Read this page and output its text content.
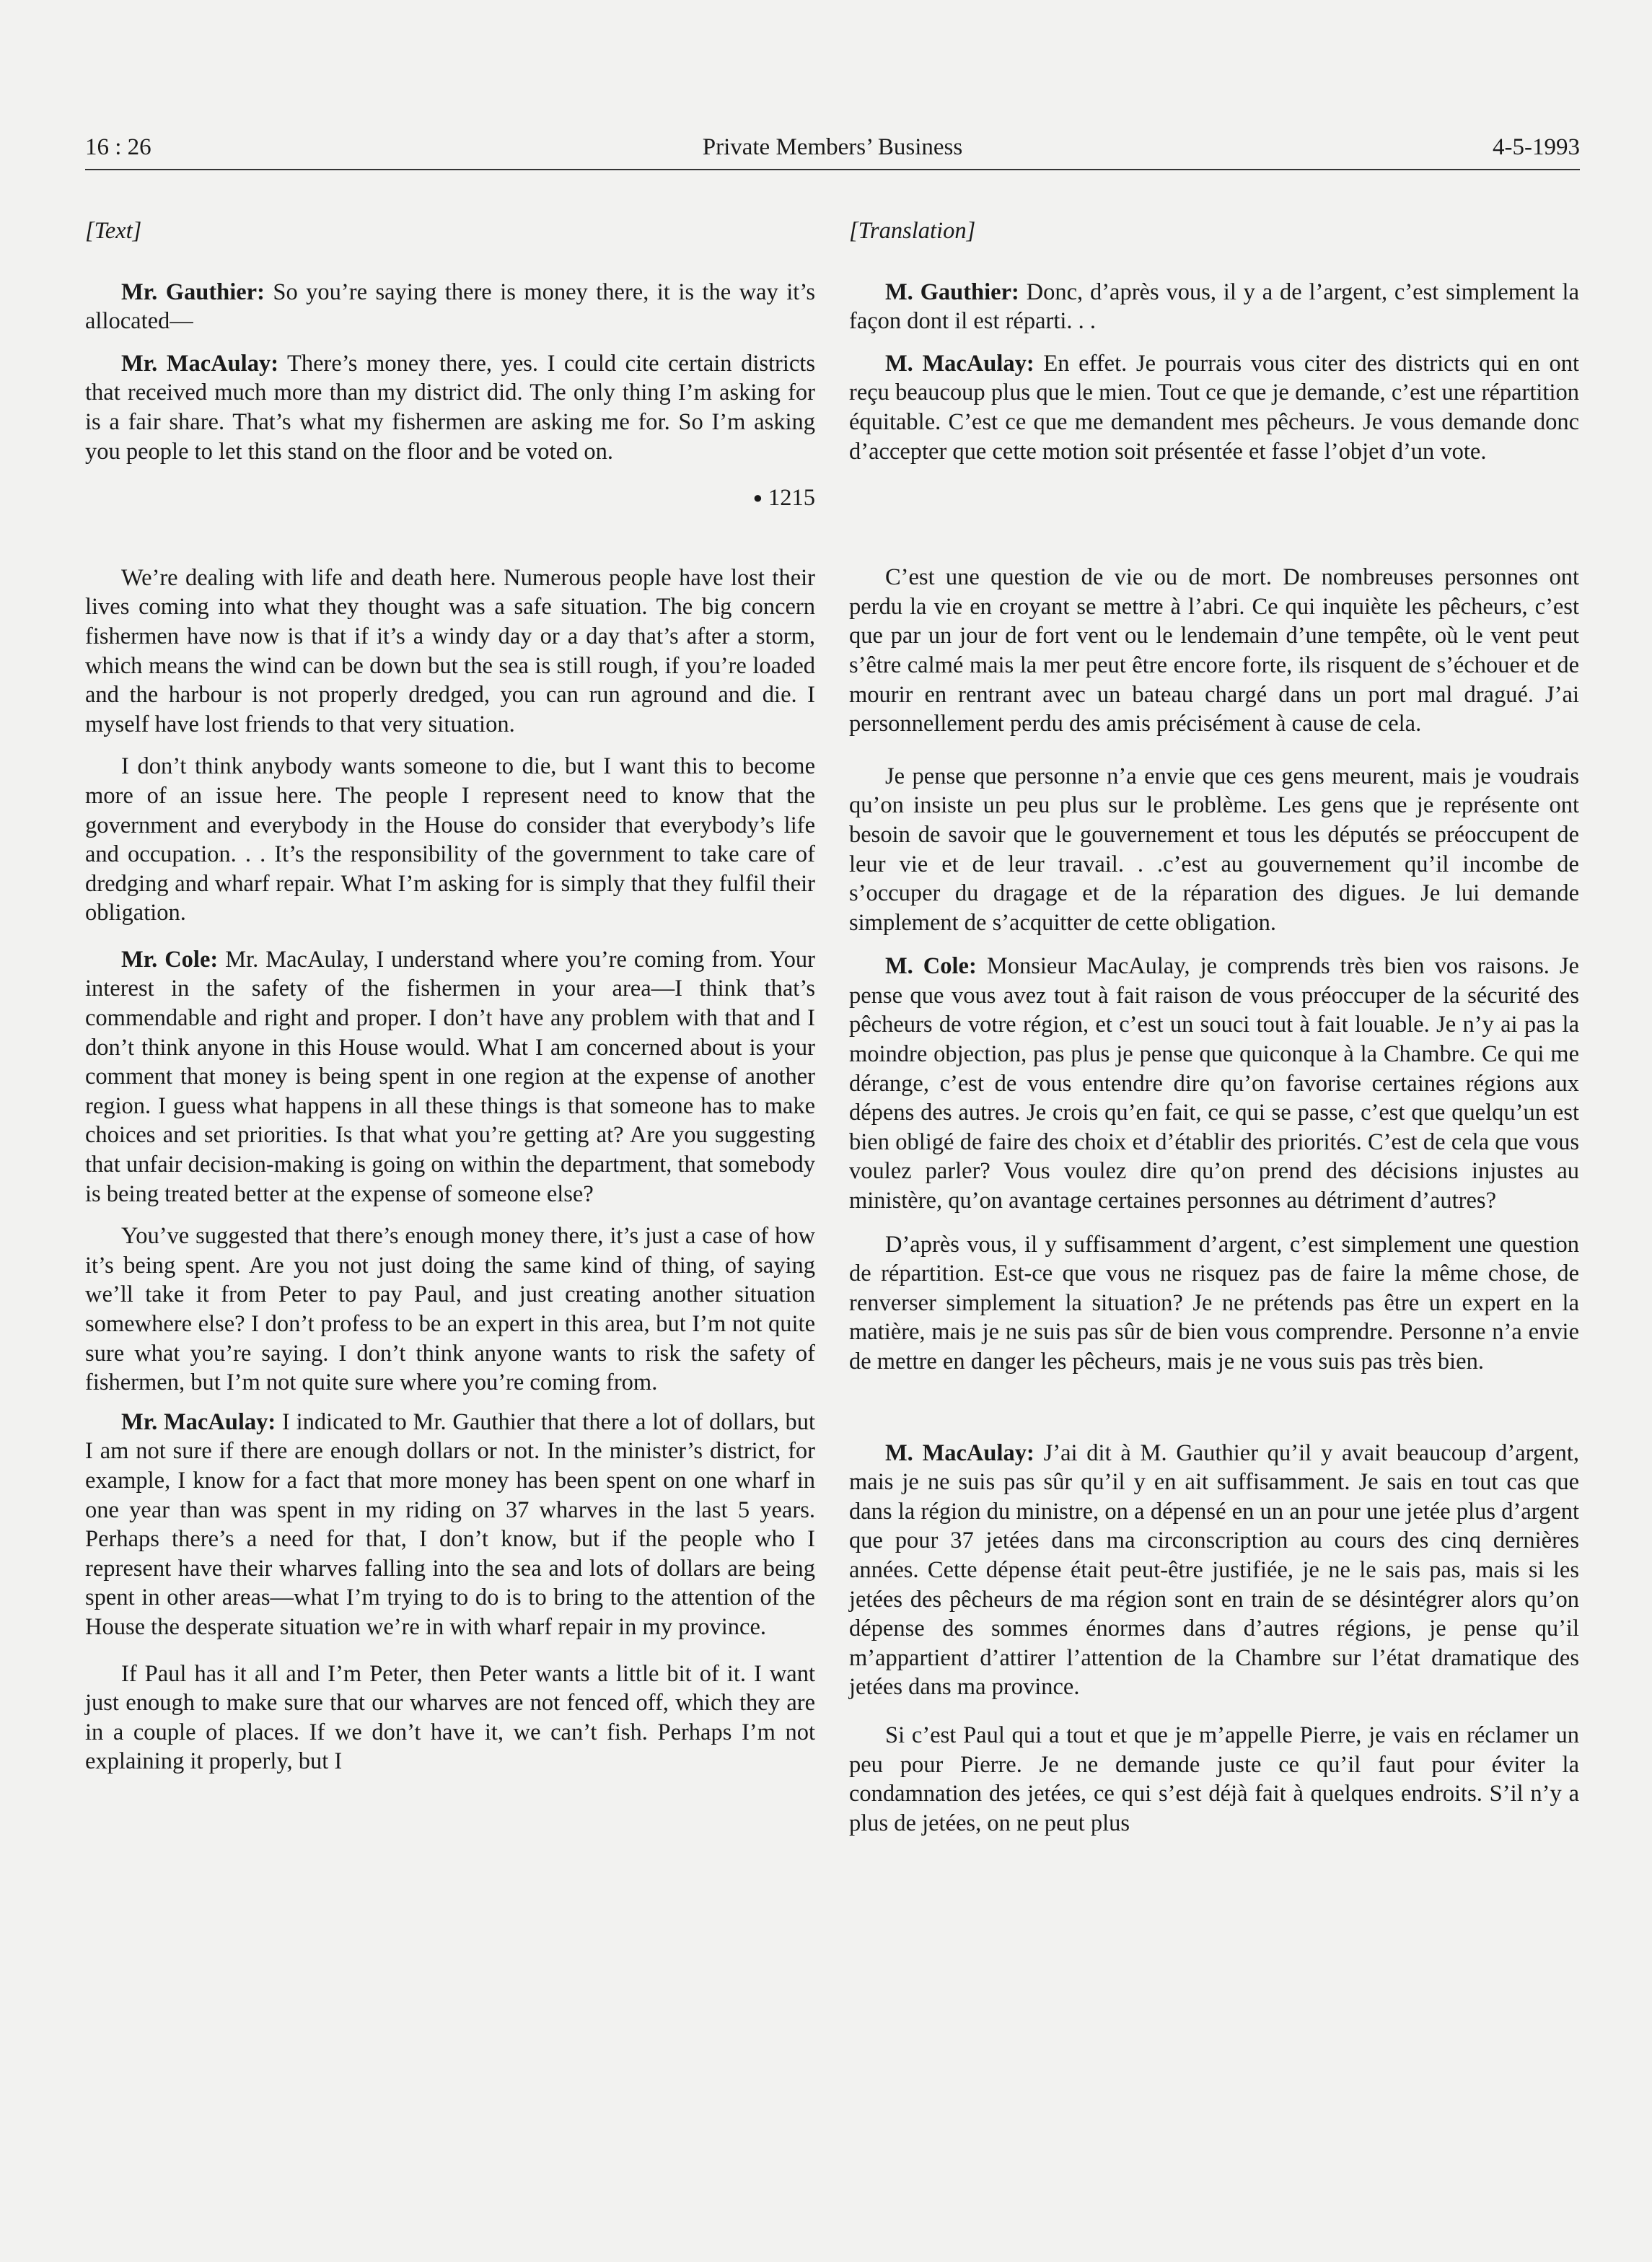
16 : 26	Private Members’ Business	4-5-1993

[Text]

Mr. Gauthier: So you’re saying there is money there, it is the way it’s allocated—

Mr. MacAulay: There’s money there, yes. I could cite certain districts that received much more than my district did. The only thing I’m asking for is a fair share. That’s what my fishermen are asking me for. So I’m asking you people to let this stand on the floor and be voted on.

● 1215

We’re dealing with life and death here. Numerous people have lost their lives coming into what they thought was a safe situation. The big concern fishermen have now is that if it’s a windy day or a day that’s after a storm, which means the wind can be down but the sea is still rough, if you’re loaded and the harbour is not properly dredged, you can run aground and die. I myself have lost friends to that very situation.

I don’t think anybody wants someone to die, but I want this to become more of an issue here. The people I represent need to know that the government and everybody in the House do consider that everybody’s life and occupation. . . It’s the responsibility of the government to take care of dredging and wharf repair. What I’m asking for is simply that they fulfil their obligation.

Mr. Cole: Mr. MacAulay, I understand where you’re coming from. Your interest in the safety of the fishermen in your area—I think that’s commendable and right and proper. I don’t have any problem with that and I don’t think anyone in this House would. What I am concerned about is your comment that money is being spent in one region at the expense of another region. I guess what happens in all these things is that someone has to make choices and set priorities. Is that what you’re getting at? Are you suggesting that unfair decision-making is going on within the department, that somebody is being treated better at the expense of someone else?

You’ve suggested that there’s enough money there, it’s just a case of how it’s being spent. Are you not just doing the same kind of thing, of saying we’ll take it from Peter to pay Paul, and just creating another situation somewhere else? I don’t profess to be an expert in this area, but I’m not quite sure what you’re saying. I don’t think anyone wants to risk the safety of fishermen, but I’m not quite sure where you’re coming from.

Mr. MacAulay: I indicated to Mr. Gauthier that there a lot of dollars, but I am not sure if there are enough dollars or not. In the minister’s district, for example, I know for a fact that more money has been spent on one wharf in one year than was spent in my riding on 37 wharves in the last 5 years. Perhaps there’s a need for that, I don’t know, but if the people who I represent have their wharves falling into the sea and lots of dollars are being spent in other areas—what I’m trying to do is to bring to the attention of the House the desperate situation we’re in with wharf repair in my province.

If Paul has it all and I’m Peter, then Peter wants a little bit of it. I want just enough to make sure that our wharves are not fenced off, which they are in a couple of places. If we don’t have it, we can’t fish. Perhaps I’m not explaining it properly, but I

[Translation]

M. Gauthier: Donc, d’après vous, il y a de l’argent, c’est simplement la façon dont il est réparti. . .

M. MacAulay: En effet. Je pourrais vous citer des districts qui en ont reçu beaucoup plus que le mien. Tout ce que je demande, c’est une répartition équitable. C’est ce que me demandent mes pêcheurs. Je vous demande donc d’accepter que cette motion soit présentée et fasse l’objet d’un vote.

C’est une question de vie ou de mort. De nombreuses personnes ont perdu la vie en croyant se mettre à l’abri. Ce qui inquiète les pêcheurs, c’est que par un jour de fort vent ou le lendemain d’une tempête, où le vent peut s’être calmé mais la mer peut être encore forte, ils risquent de s’échouer et de mourir en rentrant avec un bateau chargé dans un port mal dragué. J’ai personnellement perdu des amis précisément à cause de cela.

Je pense que personne n’a envie que ces gens meurent, mais je voudrais qu’on insiste un peu plus sur le problème. Les gens que je représente ont besoin de savoir que le gouvernement et tous les députés se préoccupent de leur vie et de leur travail. . .c’est au gouvernement qu’il incombe de s’occuper du dragage et de la réparation des digues. Je lui demande simplement de s’acquitter de cette obligation.

M. Cole: Monsieur MacAulay, je comprends très bien vos raisons. Je pense que vous avez tout à fait raison de vous préoccuper de la sécurité des pêcheurs de votre région, et c’est un souci tout à fait louable. Je n’y ai pas la moindre objection, pas plus je pense que quiconque à la Chambre. Ce qui me dérange, c’est de vous entendre dire qu’on favorise certaines régions aux dépens des autres. Je crois qu’en fait, ce qui se passe, c’est que quelqu’un est bien obligé de faire des choix et d’établir des priorités. C’est de cela que vous voulez parler? Vous voulez dire qu’on prend des décisions injustes au ministère, qu’on avantage certaines personnes au détriment d’autres?

D’après vous, il y suffisamment d’argent, c’est simplement une question de répartition. Est-ce que vous ne risquez pas de faire la même chose, de renverser simplement la situation? Je ne prétends pas être un expert en la matière, mais je ne suis pas sûr de bien vous comprendre. Personne n’a envie de mettre en danger les pêcheurs, mais je ne vous suis pas très bien.

M. MacAulay: J’ai dit à M. Gauthier qu’il y avait beaucoup d’argent, mais je ne suis pas sûr qu’il y en ait suffisamment. Je sais en tout cas que dans la région du ministre, on a dépensé en un an pour une jetée plus d’argent que pour 37 jetées dans ma circonscription au cours des cinq dernières années. Cette dépense était peut-être justifiée, je ne le sais pas, mais si les jetées des pêcheurs de ma région sont en train de se désintégrer alors qu’on dépense des sommes énormes dans d’autres régions, je pense qu’il m’appartient d’attirer l’attention de la Chambre sur l’état dramatique des jetées dans ma province.

Si c’est Paul qui a tout et que je m’appelle Pierre, je vais en réclamer un peu pour Pierre. Je ne demande juste ce qu’il faut pour éviter la condamnation des jetées, ce qui s’est déjà fait à quelques endroits. S’il n’y a plus de jetées, on ne peut plus
